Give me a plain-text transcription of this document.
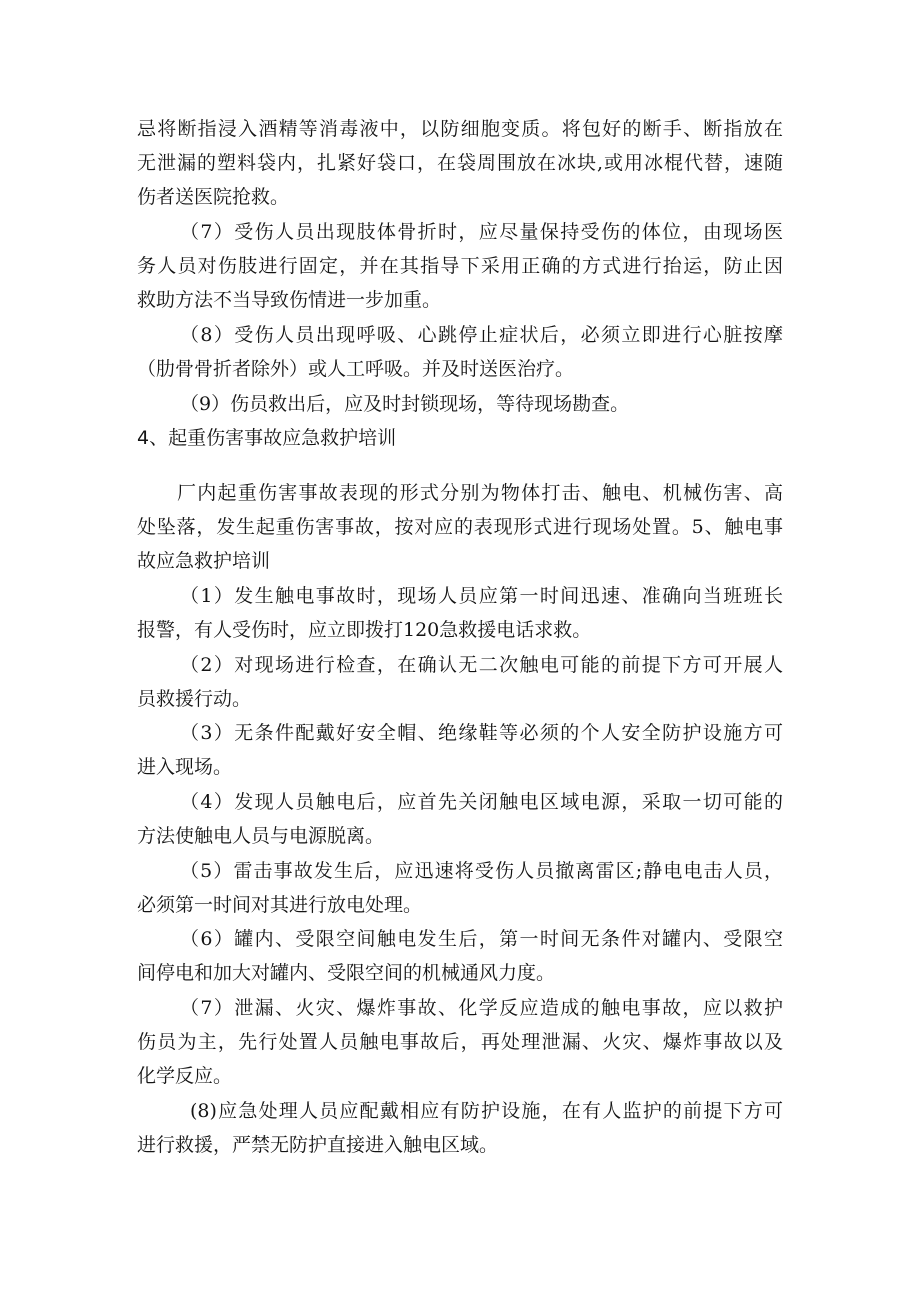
忌将断指浸入酒精等消毒液中，以防细胞变质。将包好的断手、断指放在
无泄漏的塑料袋内，扎紧好袋口，在袋周围放在冰块,或用冰棍代替，速随
伤者送医院抢救。
（7）受伤人员出现肢体骨折时，应尽量保持受伤的体位，由现场医
务人员对伤肢进行固定，并在其指导下采用正确的方式进行抬运，防止因
救助方法不当导致伤情进一步加重。
（8）受伤人员出现呼吸、心跳停止症状后，必须立即进行心脏按摩
（肋骨骨折者除外）或人工呼吸。并及时送医治疗。
（9）伤员救出后，应及时封锁现场，等待现场勘查。
4、起重伤害事故应急救护培训
厂内起重伤害事故表现的形式分别为物体打击、触电、机械伤害、高
处坠落，发生起重伤害事故，按对应的表现形式进行现场处置。5、触电事
故应急救护培训
（1）发生触电事故时，现场人员应第一时间迅速、准确向当班班长
报警，有人受伤时，应立即拨打120急救援电话求救。
（2）对现场进行检查，在确认无二次触电可能的前提下方可开展人
员救援行动。
（3）无条件配戴好安全帽、绝缘鞋等必须的个人安全防护设施方可
进入现场。
（4）发现人员触电后，应首先关闭触电区域电源，采取一切可能的
方法使触电人员与电源脱离。
（5）雷击事故发生后，应迅速将受伤人员撤离雷区;静电电击人员，
必须第一时间对其进行放电处理。
（6）罐内、受限空间触电发生后，第一时间无条件对罐内、受限空
间停电和加大对罐内、受限空间的机械通风力度。
（7）泄漏、火灾、爆炸事故、化学反应造成的触电事故，应以救护
伤员为主，先行处置人员触电事故后，再处理泄漏、火灾、爆炸事故以及
化学反应。
(8)应急处理人员应配戴相应有防护设施，在有人监护的前提下方可
进行救援，严禁无防护直接进入触电区域。
